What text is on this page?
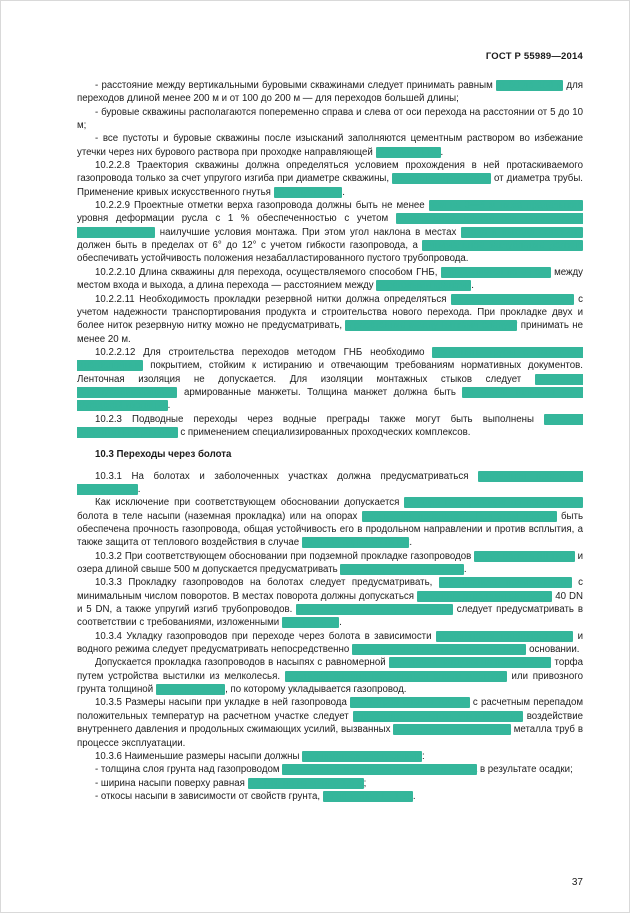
ГОСТ Р 55989—2014

- расстояние между вертикальными буровыми скважинами следует принимать равным от 50 до 100 м для переходов длиной менее 200 м и от 100 до 200 м — для переходов большей длины;

- буровые скважины располагаются попеременно справа и слева от оси перехода на расстоянии от 5 до 10 м;

- все пустоты и буровые скважины после изысканий заполняются цементным раствором во избежание утечки через них бурового раствора при проходке направляющей скважины ГНБ.

10.2.2.8 Траектория скважины должна определяться условием прохождения в ней протаскиваемого газопровода только за счет упругого изгиба при диаметре скважины, составляющем 120 % от диаметра трубы. Применение кривых искусственного гнутья не допускается.

10.2.2.9 Проектные отметки верха газопровода должны быть не менее чем на 3—5 м ниже предельного уровня деформации русла с 1 % обеспеченностью с учетом оптимальной кривой оси газопровода, обеспечивающей наилучшие условия монтажа. При этом угол наклона в местах входа и выхода скважины должен быть в пределах от 6° до 12° с учетом гибкости газопровода, а минимальное заглубление должно обеспечивать устойчивость положения незабалластированного пустого трубопровода.

10.2.2.10 Длина скважины для перехода, осуществляемого способом ГНБ, определяется по ее оси между местом входа и выхода, а длина перехода — расстоянием между береговыми кранами.

10.2.2.11 Необходимость прокладки резервной нитки должна определяться из экономических условий с учетом надежности транспортирования продукта и строительства нового перехода. При прокладке двух и более ниток резервную нитку можно не предусматривать, а расстояние между нитками следует принимать не менее 20 м.

10.2.2.12 Для строительства переходов методом ГНБ необходимо применять трубы с заводским многослойным покрытием, стойким к истиранию и отвечающим требованиям нормативных документов. Ленточная изоляция не допускается. Для изоляции монтажных стыков следует применять термоусаживающиеся армированные манжеты. Толщина манжет должна быть не менее толщины слоя заводской изоляции.

10.2.3 Подводные переходы через водные преграды также могут быть выполнены методом микротоннелирования с применением специализированных проходческих комплексов.

10.3 Переходы через болота

10.3.1 На болотах и заболоченных участках должна предусматриваться подземная прокладка газопроводов.

Как исключение при соответствующем обосновании допускается укладка газопроводов по поверхности болота в теле насыпи (наземная прокладка) или на опорах (надземная прокладка). При этом должна быть обеспечена прочность газопровода, общая устойчивость его в продольном направлении и против всплытия, а также защита от теплового воздействия в случае разрыва одной из ниток.

10.3.2 При соответствующем обосновании при подземной прокладке газопроводов через болота (III типа) и озера длиной свыше 500 м допускается предусматривать прокладку резервной нитки.

10.3.3 Прокладку газопроводов на болотах следует предусматривать, как правило, прямолинейно с минимальным числом поворотов. В местах поворота должны допускаться повороты отводами радиусом 40 DN и 5 DN, а также упругий изгиб трубопроводов. Надземную прокладку на болотах следует предусматривать в соответствии с требованиями, изложенными в разделе 11.

10.3.4 Укладку газопроводов при переходе через болота в зависимости от мощности торфяного слоя и водного режима следует предусматривать непосредственно в торфяном слое или на минеральном основании.

Допускается прокладка газопроводов в насыпях с равномерной передачей нагрузки на поверхность торфа путем устройства выстилки из мелколесья. Выстилка должна покрываться слоем местного или привозного грунта толщиной не менее 25 см, по которому укладывается газопровод.

10.3.5 Размеры насыпи при укладке в ней газопровода диаметром свыше 700 мм с расчетным перепадом положительных температур на расчетном участке следует определять расчетом, учитывающим воздействие внутреннего давления и продольных сжимающих усилий, вызванных изменением температуры металла труб в процессе эксплуатации.

10.3.6 Наименьшие размеры насыпи должны приниматься следующими:

- толщина слоя грунта над газопроводом не менее 0,8 м с учетом уплотнения грунта в результате осадки;

- ширина насыпи поверху равная 1,5 DN, но не менее 1,5 м;

- откосы насыпи в зависимости от свойств грунта, но не менее 1 : 1,25.

37
